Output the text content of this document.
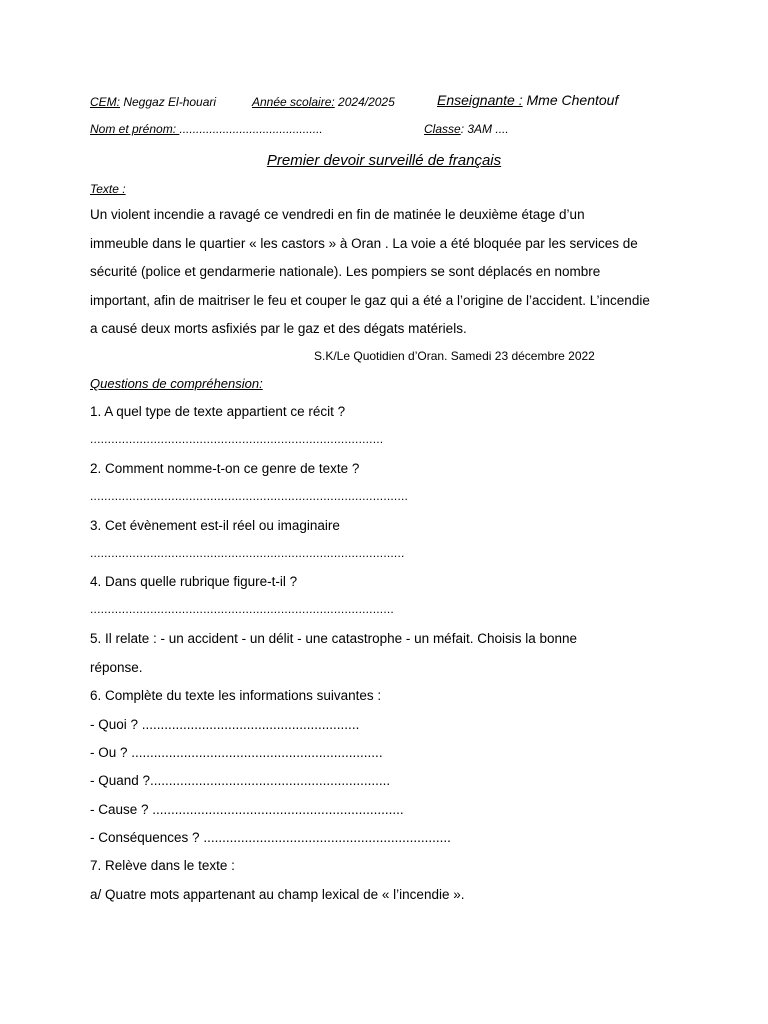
CEM: Neggaz El-houari	Année scolaire: 2024/2025	Enseignante : Mme Chentouf
Nom et prénom: ...........................................	Classe: 3AM ....
Premier devoir surveillé de français
Texte :
Un violent incendie a ravagé ce vendredi en fin de matinée le deuxième étage d’un
immeuble dans le quartier « les castors » à Oran . La voie a été bloquée par les services de
sécurité (police et gendarmerie nationale). Les pompiers se sont déplacés en nombre
important, afin de maitriser le feu et couper le gaz qui a été a l’origine de l’accident. L’incendie
a causé deux morts asfixiés par le gaz et des dégats matériels.
S.K/Le Quotidien d’Oran. Samedi 23 décembre 2022
Questions de compréhension:
1. A quel type de texte appartient ce récit ?
...................................................................................
2. Comment nomme-t-on ce genre de texte ?
..........................................................................................
3. Cet évènement est-il réel ou imaginaire
.........................................................................................
4. Dans quelle rubrique figure-t-il ?
......................................................................................
5. Il relate : - un accident - un délit - une catastrophe - un méfait. Choisis la bonne
réponse.
6. Complète du texte les informations suivantes :
- Quoi ? ..........................................................
- Ou ? ...................................................................
- Quand ?................................................................
- Cause ? ...................................................................
- Conséquences ? ..................................................................
7. Relève dans le texte :
a/ Quatre mots appartenant au champ lexical de « l’incendie ».
